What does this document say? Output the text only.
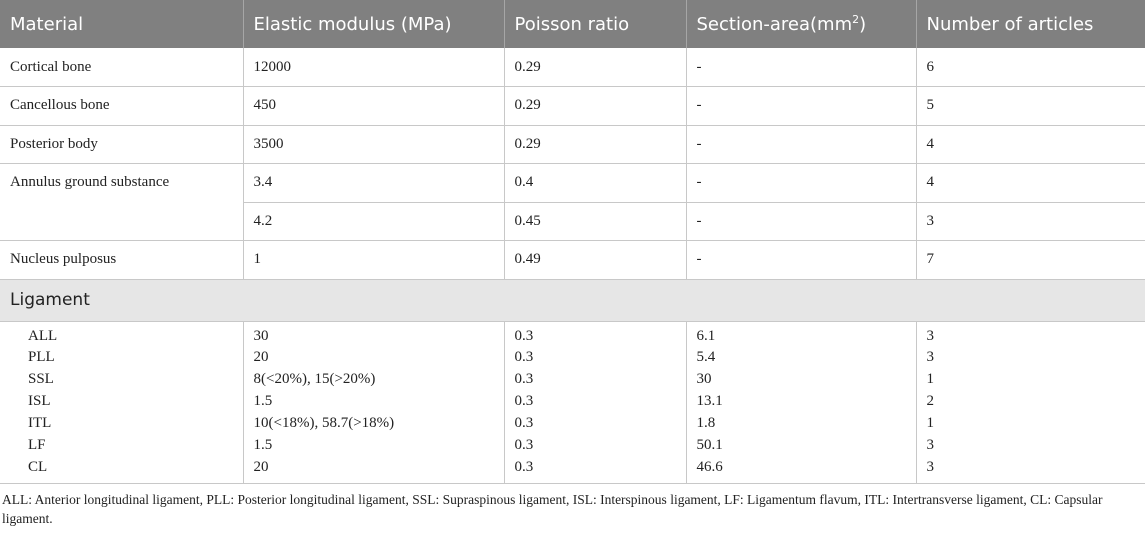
Material	Elastic modulus (MPa)	Poisson ratio	Section-$area(mm^2)$	Number of articles
Cortical bone	12000	0.29	-	6
Cancellous bone	450	0.29	-	5
Posterior body	3500	0.29	-	4
Annulus ground substance	3.4	0.4	-	4
	4.2	0.45	-	3
Nucleus pulposus	1	0.49	-	7
Ligament				
ALL	30	0.3	6.1	3
PLL	20	0.3	5.4	3
SSL	8(<20%), 15(>20%)	0.3	30	1
ISL	1.5	0.3	13.1	2
ITL	10(<18%), 58.7(>18%)	0.3	1.8	1
LF	1.5	0.3	50.1	3
CL	20	0.3	46.6	3
ALL: Anterior longitudinal ligament, PLL: Posterior longitudinal ligament, SSL: Supraspinous ligament, ISL: Interspinous ligament, LF: Ligamentum flavum, ITL: Intertransverse ligament, CL: Capsular ligament.
